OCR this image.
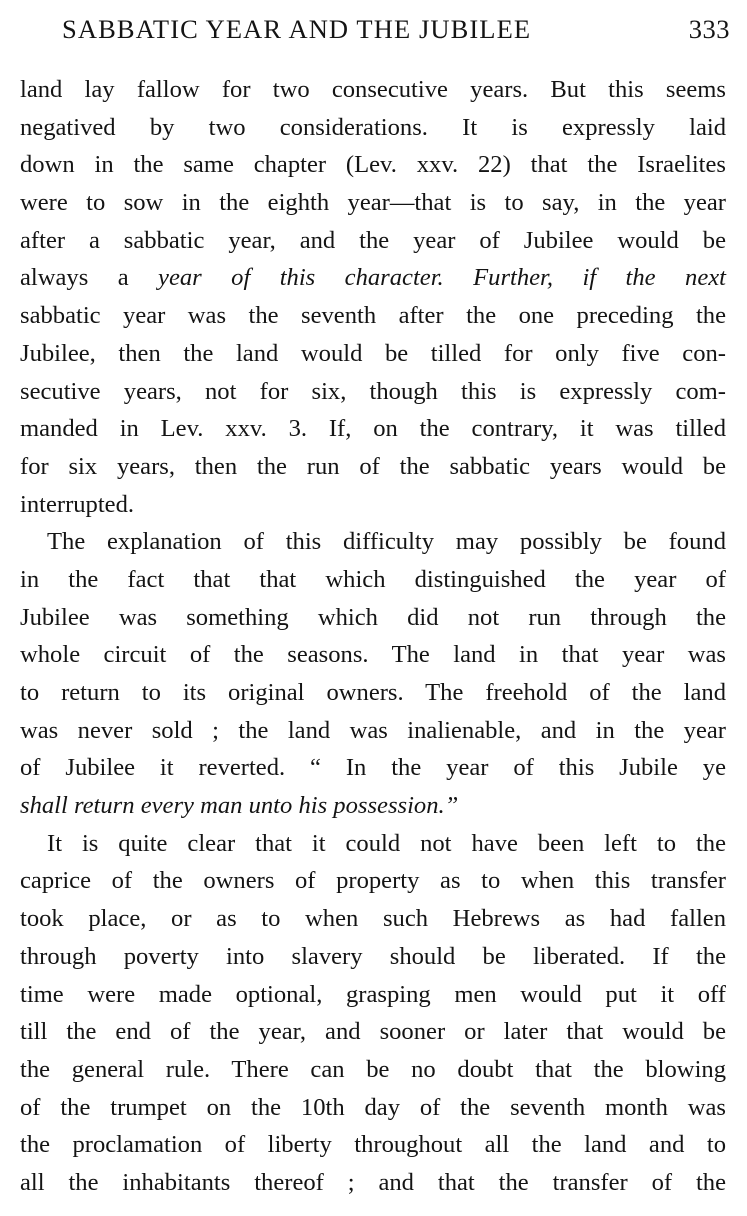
SABBATIC YEAR AND THE JUBILEE	333
land lay fallow for two consecutive years. But this seems
negatived by two considerations. It is expressly laid
down in the same chapter (Lev. xxv. 22) that the Israelites
were to sow in the eighth year—that is to say, in the year
after a sabbatic year, and the year of Jubilee would be
always a year of this character. Further, if the next
sabbatic year was the seventh after the one preceding the
Jubilee, then the land would be tilled for only five con-
secutive years, not for six, though this is expressly com-
manded in Lev. xxv. 3. If, on the contrary, it was tilled
for six years, then the run of the sabbatic years would be
interrupted.
The explanation of this difficulty may possibly be found
in the fact that that which distinguished the year of
Jubilee was something which did not run through the
whole circuit of the seasons. The land in that year was
to return to its original owners. The freehold of the land
was never sold ; the land was inalienable, and in the year
of Jubilee it reverted. “ In the year of this Jubile ye
shall return every man unto his possession.”
It is quite clear that it could not have been left to the
caprice of the owners of property as to when this transfer
took place, or as to when such Hebrews as had fallen
through poverty into slavery should be liberated. If the
time were made optional, grasping men would put it off
till the end of the year, and sooner or later that would be
the general rule. There can be no doubt that the blowing
of the trumpet on the 10th day of the seventh month was
the proclamation of liberty throughout all the land and to
all the inhabitants thereof ; and that the transfer of the
